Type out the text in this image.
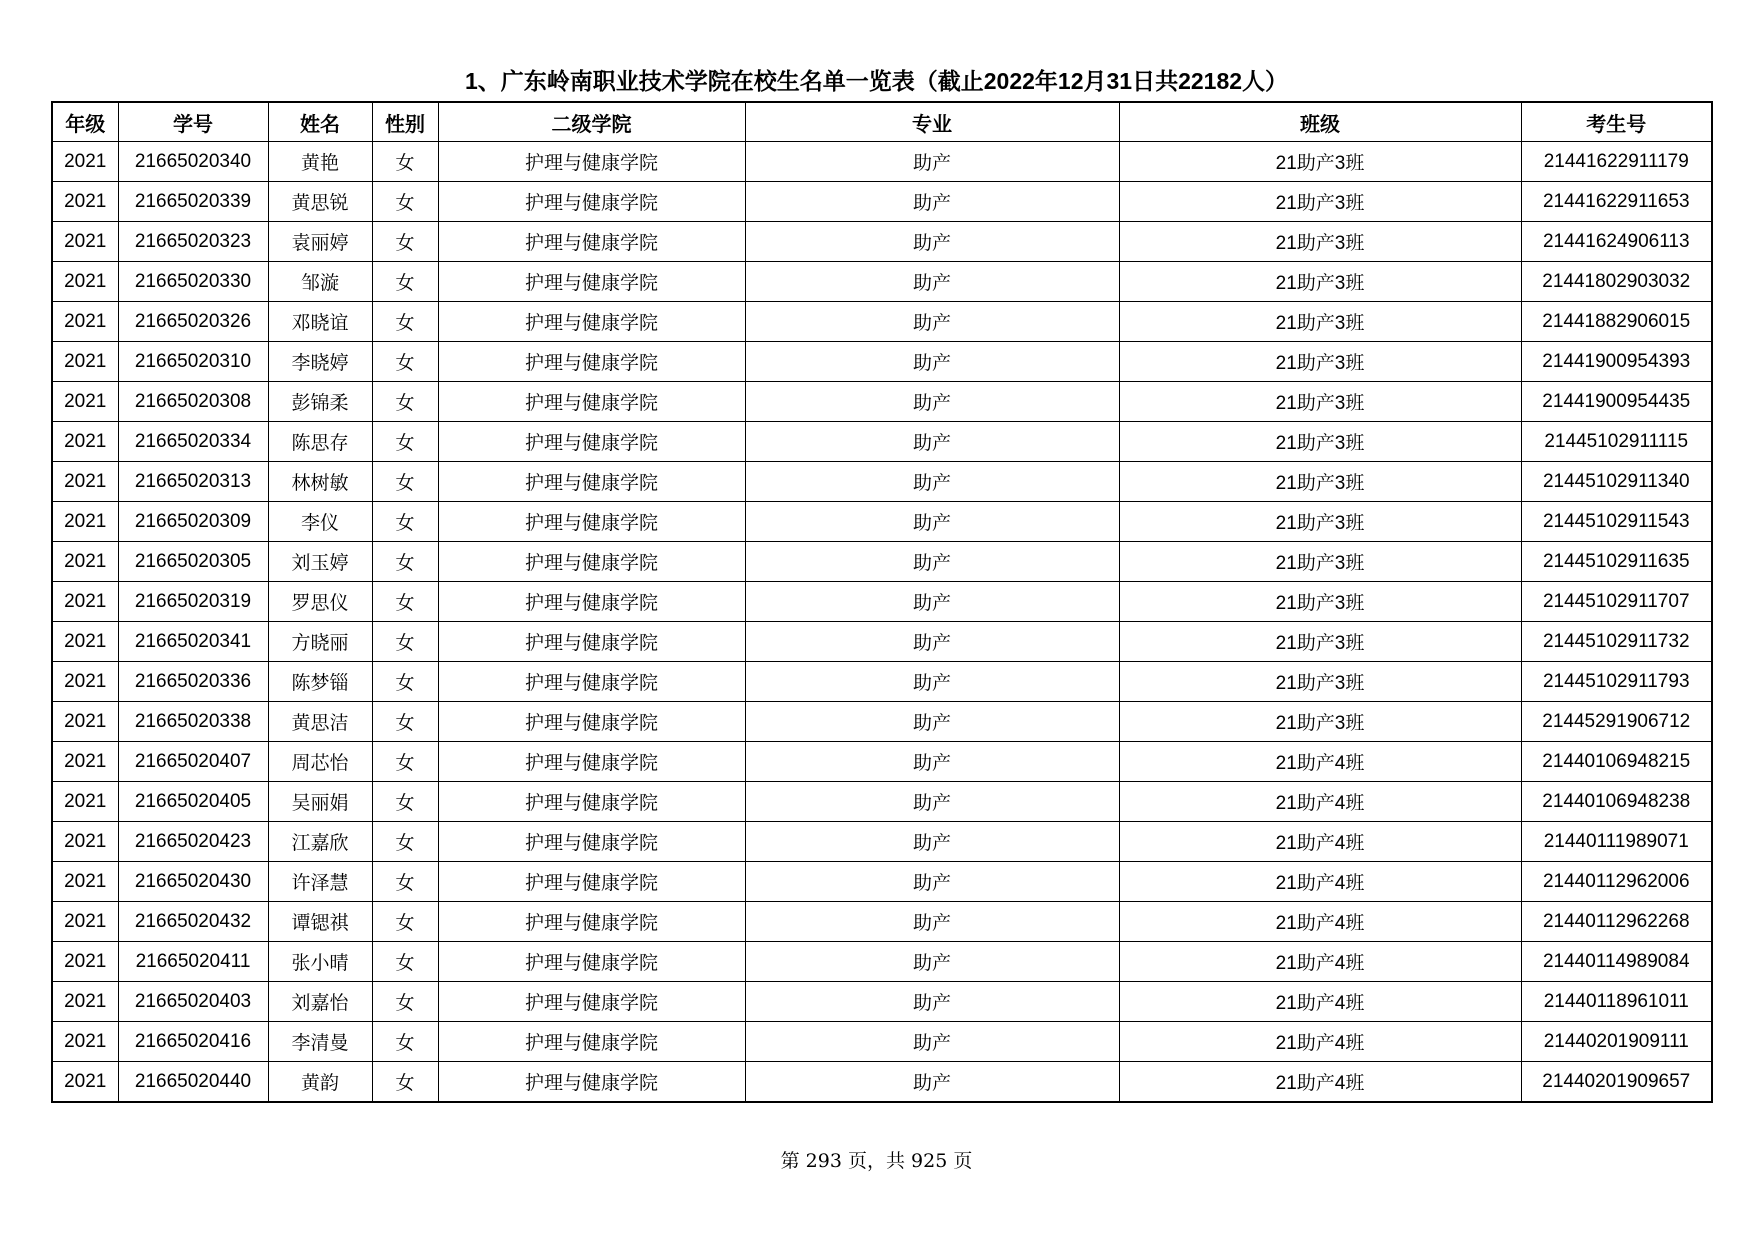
1、广东岭南职业技术学院在校生名单一览表（截止2022年12月31日共22182人）
年级	学号	姓名	性别	二级学院	专业	班级	考生号
2021	21665020340	黄艳	女	护理与健康学院	助产	21助产3班	21441622911179
2021	21665020339	黄思锐	女	护理与健康学院	助产	21助产3班	21441622911653
2021	21665020323	袁丽婷	女	护理与健康学院	助产	21助产3班	21441624906113
2021	21665020330	邹漩	女	护理与健康学院	助产	21助产3班	21441802903032
2021	21665020326	邓晓谊	女	护理与健康学院	助产	21助产3班	21441882906015
2021	21665020310	李晓婷	女	护理与健康学院	助产	21助产3班	21441900954393
2021	21665020308	彭锦柔	女	护理与健康学院	助产	21助产3班	21441900954435
2021	21665020334	陈思存	女	护理与健康学院	助产	21助产3班	21445102911115
2021	21665020313	林树敏	女	护理与健康学院	助产	21助产3班	21445102911340
2021	21665020309	李仪	女	护理与健康学院	助产	21助产3班	21445102911543
2021	21665020305	刘玉婷	女	护理与健康学院	助产	21助产3班	21445102911635
2021	21665020319	罗思仪	女	护理与健康学院	助产	21助产3班	21445102911707
2021	21665020341	方晓丽	女	护理与健康学院	助产	21助产3班	21445102911732
2021	21665020336	陈梦锱	女	护理与健康学院	助产	21助产3班	21445102911793
2021	21665020338	黄思洁	女	护理与健康学院	助产	21助产3班	21445291906712
2021	21665020407	周芯怡	女	护理与健康学院	助产	21助产4班	21440106948215
2021	21665020405	吴丽娟	女	护理与健康学院	助产	21助产4班	21440106948238
2021	21665020423	江嘉欣	女	护理与健康学院	助产	21助产4班	21440111989071
2021	21665020430	许泽慧	女	护理与健康学院	助产	21助产4班	21440112962006
2021	21665020432	谭锶祺	女	护理与健康学院	助产	21助产4班	21440112962268
2021	21665020411	张小晴	女	护理与健康学院	助产	21助产4班	21440114989084
2021	21665020403	刘嘉怡	女	护理与健康学院	助产	21助产4班	21440118961011
2021	21665020416	李清曼	女	护理与健康学院	助产	21助产4班	21440201909111
2021	21665020440	黄韵	女	护理与健康学院	助产	21助产4班	21440201909657
第 293 页，共 925 页
